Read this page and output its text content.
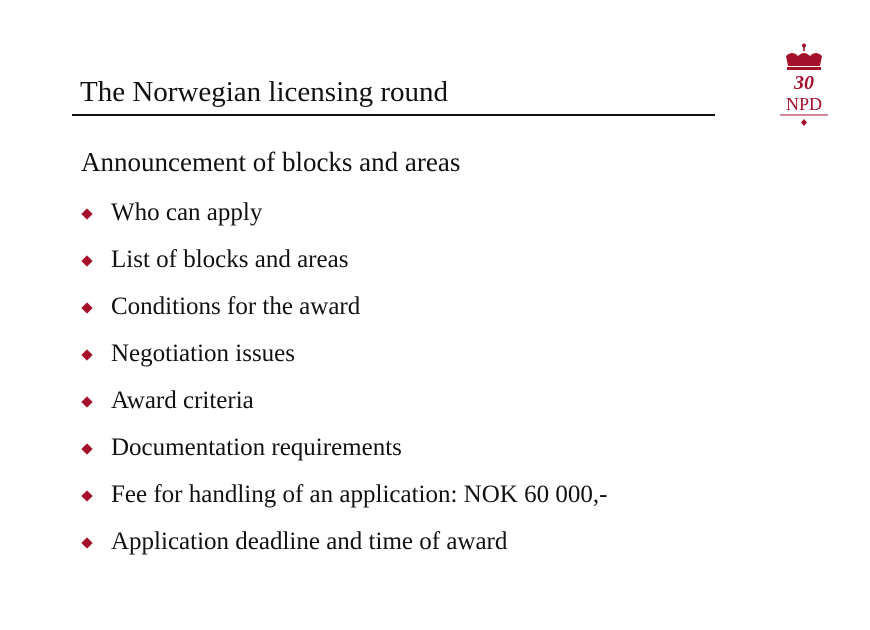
The Norwegian licensing round
Announcement of blocks and areas
Who can apply
List of blocks and areas
Conditions for the award
Negotiation issues
Award criteria
Documentation requirements
Fee for handling of an application: NOK 60 000,-
Application deadline and time of award
30
NPD
